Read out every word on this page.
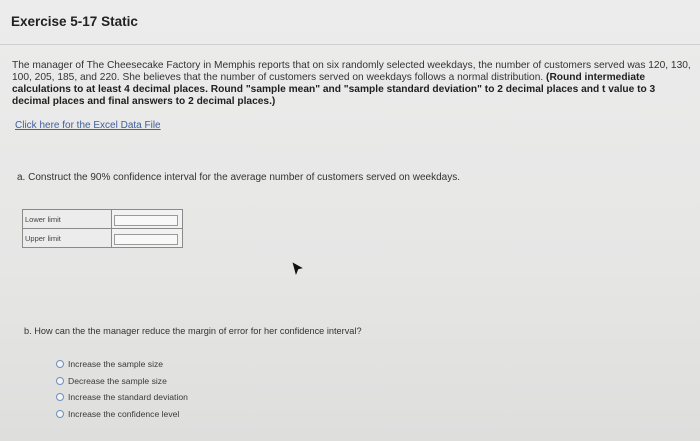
Exercise 5-17 Static
The manager of The Cheesecake Factory in Memphis reports that on six randomly selected weekdays, the number of customers served was 120, 130, 100, 205, 185, and 220. She believes that the number of customers served on weekdays follows a normal distribution. (Round intermediate calculations to at least 4 decimal places. Round "sample mean" and "sample standard deviation" to 2 decimal places and t value to 3 decimal places and final answers to 2 decimal places.)
Click here for the Excel Data File
a. Construct the 90% confidence interval for the average number of customers served on weekdays.
Lower limit	
Upper limit	
b. How can the the manager reduce the margin of error for her confidence interval?
Increase the sample size
Decrease the sample size
Increase the standard deviation
Increase the confidence level
